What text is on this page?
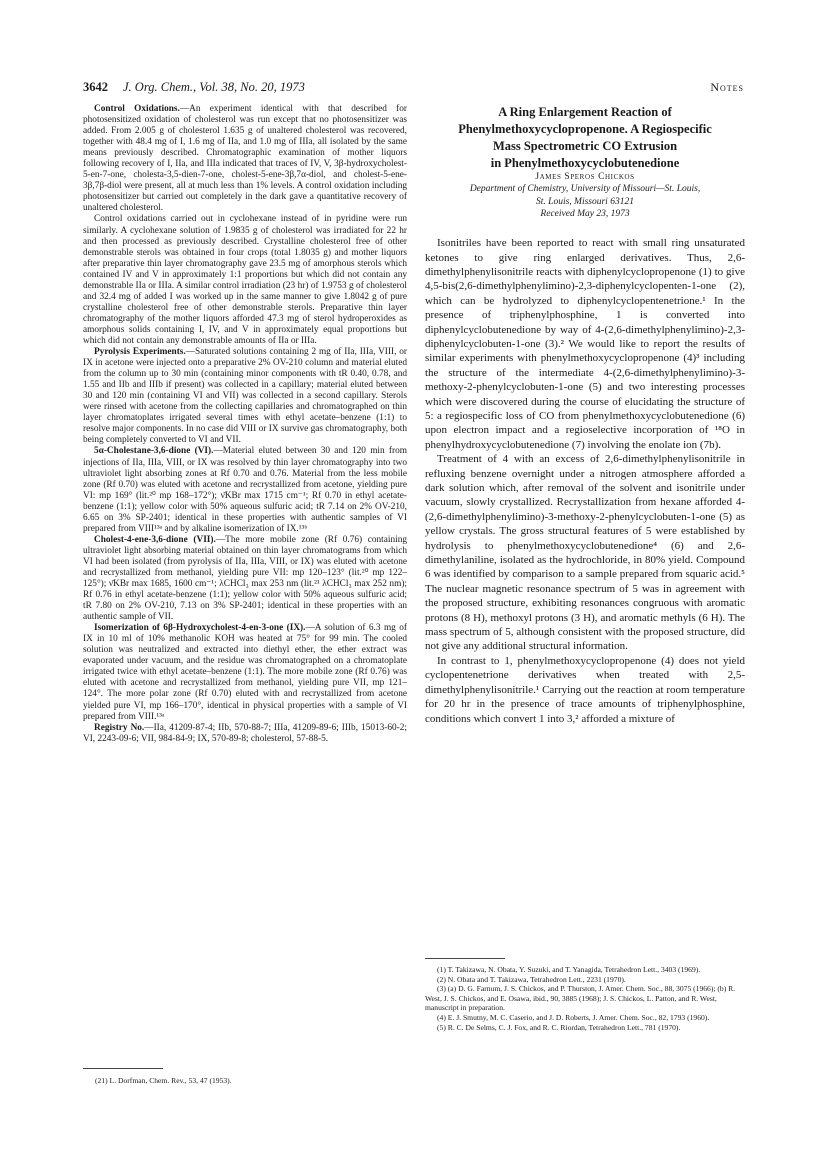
3642 J. Org. Chem., Vol. 38, No. 20, 1973	Notes

Control Oxidations.—An experiment identical with that described for photosensitized oxidation of cholesterol was run except that no photosensitizer was added. From 2.005 g of cholesterol 1.635 g of unaltered cholesterol was recovered, together with 48.4 mg of I, 1.6 mg of IIa, and 1.0 mg of IIIa, all isolated by the same means previously described. Chromatographic examination of mother liquors following recovery of I, IIa, and IIIa indicated that traces of IV, V, 3β-hydroxycholest-5-en-7-one, cholesta-3,5-dien-7-one, cholest-5-ene-3β,7α-diol, and cholest-5-ene-3β,7β-diol were present, all at much less than 1% levels. A control oxidation including photosensitizer but carried out completely in the dark gave a quantitative recovery of unaltered cholesterol.

Control oxidations carried out in cyclohexane instead of in pyridine were run similarly. A cyclohexane solution of 1.9835 g of cholesterol was irradiated for 22 hr and then processed as previously described. Crystalline cholesterol free of other demonstrable sterols was obtained in four crops (total 1.8035 g) and mother liquors after preparative thin layer chromatography gave 23.5 mg of amorphous sterols which contained IV and V in approximately 1:1 proportions but which did not contain any demonstrable IIa or IIIa. A similar control irradiation (23 hr) of 1.9753 g of cholesterol and 32.4 mg of added I was worked up in the same manner to give 1.8042 g of pure crystalline cholesterol free of other demonstrable sterols. Preparative thin layer chromatography of the mother liquors afforded 47.3 mg of sterol hydroperoxides as amorphous solids containing I, IV, and V in approximately equal proportions but which did not contain any demonstrable amounts of IIa or IIIa.

Pyrolysis Experiments.—Saturated solutions containing 2 mg of IIa, IIIa, VIII, or IX in acetone were injected onto a preparative 2% OV-210 column and material eluted from the column up to 30 min (containing minor components with tR 0.40, 0.78, and 1.55 and IIb and IIIb if present) was collected in a capillary; material eluted between 30 and 120 min (containing VI and VII) was collected in a second capillary. Sterols were rinsed with acetone from the collecting capillaries and chromatographed on thin layer chromatoplates irrigated several times with ethyl acetate–benzene (1:1) to resolve major components. In no case did VIII or IX survive gas chromatography, both being completely converted to VI and VII.

5α-Cholestane-3,6-dione (VI).—Material eluted between 30 and 120 min from injections of IIa, IIIa, VIII, or IX was resolved by thin layer chromatography into two ultraviolet light absorbing zones at Rf 0.70 and 0.76. Material from the less mobile zone (Rf 0.70) was eluted with acetone and recrystallized from acetone, yielding pure VI: mp 169° (lit.²⁰ mp 168–172°); ν̄KBr max 1715 cm⁻¹; Rf 0.70 in ethyl acetate-benzene (1:1); yellow color with 50% aqueous sulfuric acid; tR 7.14 on 2% OV-210, 6.65 on 3% SP-2401; identical in these properties with authentic samples of VI prepared from VIII¹³ᵃ and by alkaline isomerization of IX.¹³ᵇ

Cholest-4-ene-3,6-dione (VII).—The more mobile zone (Rf 0.76) containing ultraviolet light absorbing material obtained on thin layer chromatograms from which VI had been isolated (from pyrolysis of IIa, IIIa, VIII, or IX) was eluted with acetone and recrystallized from methanol, yielding pure VII: mp 120–123° (lit.²⁰ mp 122–125°); ν̄KBr max 1685, 1600 cm⁻¹; λCHCl₃ max 253 nm (lit.²¹ λCHCl₃ max 252 nm); Rf 0.76 in ethyl acetate-benzene (1:1); yellow color with 50% aqueous sulfuric acid; tR 7.80 on 2% OV-210, 7.13 on 3% SP-2401; identical in these properties with an authentic sample of VII.

Isomerization of 6β-Hydroxycholest-4-en-3-one (IX).—A solution of 6.3 mg of IX in 10 ml of 10% methanolic KOH was heated at 75° for 99 min. The cooled solution was neutralized and extracted into diethyl ether, the ether extract was evaporated under vacuum, and the residue was chromatographed on a chromatoplate irrigated twice with ethyl acetate–benzene (1:1). The more mobile zone (Rf 0.76) was eluted with acetone and recrystallized from methanol, yielding pure VII, mp 121–124°. The more polar zone (Rf 0.70) eluted with and recrystallized from acetone yielded pure VI, mp 166–170°, identical in physical properties with a sample of VI prepared from VIII.¹³ᵃ

Registry No.—IIa, 41209-87-4; IIb, 570-88-7; IIIa, 41209-89-6; IIIb, 15013-60-2; VI, 2243-09-6; VII, 984-84-9; IX, 570-89-8; cholesterol, 57-88-5.

(21) L. Dorfman, Chem. Rev., 53, 47 (1953).

A Ring Enlargement Reaction of
Phenylmethoxycyclopropenone. A Regiospecific
Mass Spectrometric CO Extrusion
in Phenylmethoxycyclobutenedione

James Speros Chickos

Department of Chemistry, University of Missouri—St. Louis,
St. Louis, Missouri 63121

Received May 23, 1973

Isonitriles have been reported to react with small ring unsaturated ketones to give ring enlarged derivatives. Thus, 2,6-dimethylphenylisonitrile reacts with diphenylcyclopropenone (1) to give 4,5-bis(2,6-dimethylphenylimino)-2,3-diphenylcyclopenten-1-one (2), which can be hydrolyzed to diphenylcyclopentenetrione.¹ In the presence of triphenylphosphine, 1 is converted into diphenylcyclobutenedione by way of 4-(2,6-dimethylphenylimino)-2,3-diphenylcyclobuten-1-one (3).² We would like to report the results of similar experiments with phenylmethoxycyclopropenone (4)³ including the structure of the intermediate 4-(2,6-dimethylphenylimino)-3-methoxy-2-phenylcyclobuten-1-one (5) and two interesting processes which were discovered during the course of elucidating the structure of 5: a regiospecific loss of CO from phenylmethoxycyclobutenedione (6) upon electron impact and a regioselective incorporation of ¹⁸O in phenylhydroxycyclobutenedione (7) involving the enolate ion (7b).

Treatment of 4 with an excess of 2,6-dimethylphenylisonitrile in refluxing benzene overnight under a nitrogen atmosphere afforded a dark solution which, after removal of the solvent and isonitrile under vacuum, slowly crystallized. Recrystallization from hexane afforded 4-(2,6-dimethylphenylimino)-3-methoxy-2-phenylcyclobuten-1-one (5) as yellow crystals. The gross structural features of 5 were established by hydrolysis to phenylmethoxycyclobutenedione⁴ (6) and 2,6-dimethylaniline, isolated as the hydrochloride, in 80% yield. Compound 6 was identified by comparison to a sample prepared from squaric acid.⁵ The nuclear magnetic resonance spectrum of 5 was in agreement with the proposed structure, exhibiting resonances congruous with aromatic protons (8 H), methoxyl protons (3 H), and aromatic methyls (6 H). The mass spectrum of 5, although consistent with the proposed structure, did not give any additional structural information.

In contrast to 1, phenylmethoxycyclopropenone (4) does not yield cyclopentenetrione derivatives when treated with 2,5-dimethylphenylisonitrile.¹ Carrying out the reaction at room temperature for 20 hr in the presence of trace amounts of triphenylphosphine, conditions which convert 1 into 3,² afforded a mixture of

(1) T. Takizawa, N. Obata, Y. Suzuki, and T. Yanagida, Tetrahedron Lett., 3403 (1969).

(2) N. Obata and T. Takizawa, Tetrahedron Lett., 2231 (1970).

(3) (a) D. G. Farnum, J. S. Chickos, and P. Thurston, J. Amer. Chem. Soc., 88, 3075 (1966); (b) R. West, J. S. Chickos, and E. Osawa, ibid., 90, 3885 (1968); J. S. Chickos, L. Patton, and R. West, manuscript in preparation.

(4) E. J. Smutny, M. C. Caserio, and J. D. Roberts, J. Amer. Chem. Soc., 82, 1793 (1960).

(5) R. C. De Selms, C. J. Fox, and R. C. Riordan, Tetrahedron Lett., 781 (1970).
